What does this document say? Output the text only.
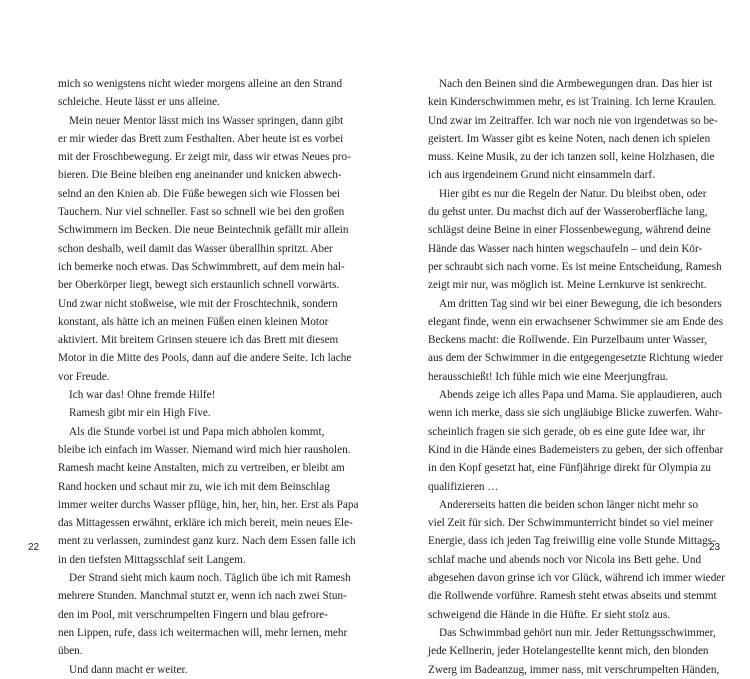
mich so wenigstens nicht wieder morgens alleine an den Strand

schleiche. Heute lässt er uns alleine.

Mein neuer Mentor lässt mich ins Wasser springen, dann gibt

er mir wieder das Brett zum Festhalten. Aber heute ist es vorbei

mit der Froschbewegung. Er zeigt mir, dass wir etwas Neues pro-

bieren. Die Beine bleiben eng aneinander und knicken abwech-

selnd an den Knien ab. Die Füße bewegen sich wie Flossen bei

Tauchern. Nur viel schneller. Fast so schnell wie bei den großen

Schwimmern im Becken. Die neue Beintechnik gefällt mir allein

schon deshalb, weil damit das Wasser überallhin spritzt. Aber

ich bemerke noch etwas. Das Schwimmbrett, auf dem mein hal-

ber Oberkörper liegt, bewegt sich erstaunlich schnell vorwärts.

Und zwar nicht stoßweise, wie mit der Froschtechnik, sondern

konstant, als hätte ich an meinen Füßen einen kleinen Motor

aktiviert. Mit breitem Grinsen steuere ich das Brett mit diesem

Motor in die Mitte des Pools, dann auf die andere Seite. Ich lache

vor Freude.

Ich war das! Ohne fremde Hilfe!

Ramesh gibt mir ein High Five.

Als die Stunde vorbei ist und Papa mich abholen kommt,

bleibe ich einfach im Wasser. Niemand wird mich hier rausholen.

Ramesh macht keine Anstalten, mich zu vertreiben, er bleibt am

Rand hocken und schaut mir zu, wie ich mit dem Beinschlag

immer weiter durchs Wasser pflüge, hin, her, hin, her. Erst als Papa

das Mittagessen erwähnt, erkläre ich mich bereit, mein neues Ele-

ment zu verlassen, zumindest ganz kurz. Nach dem Essen falle ich

in den tiefsten Mittagsschlaf seit Langem.

Der Strand sieht mich kaum noch. Täglich übe ich mit Ramesh

mehrere Stunden. Manchmal stutzt er, wenn ich nach zwei Stun-

den im Pool, mit verschrumpelten Fingern und blau gefrore-

nen Lippen, rufe, dass ich weitermachen will, mehr lernen, mehr

üben.

Und dann macht er weiter.

22

Nach den Beinen sind die Armbewegungen dran. Das hier ist

kein Kinderschwimmen mehr, es ist Training. Ich lerne Kraulen.

Und zwar im Zeitraffer. Ich war noch nie von irgendetwas so be-

geistert. Im Wasser gibt es keine Noten, nach denen ich spielen

muss. Keine Musik, zu der ich tanzen soll, keine Holzhasen, die

ich aus irgendeinem Grund nicht einsammeln darf.

Hier gibt es nur die Regeln der Natur. Du bleibst oben, oder

du gehst unter. Du machst dich auf der Wasseroberfläche lang,

schlägst deine Beine in einer Flossenbewegung, während deine

Hände das Wasser nach hinten wegschaufeln – und dein Kör-

per schraubt sich nach vorne. Es ist meine Entscheidung, Ramesh

zeigt mir nur, was möglich ist. Meine Lernkurve ist senkrecht.

Am dritten Tag sind wir bei einer Bewegung, die ich besonders

elegant finde, wenn ein erwachsener Schwimmer sie am Ende des

Beckens macht: die Rollwende. Ein Purzelbaum unter Wasser,

aus dem der Schwimmer in die entgegengesetzte Richtung wieder

herausschießt! Ich fühle mich wie eine Meerjungfrau.

Abends zeige ich alles Papa und Mama. Sie applaudieren, auch

wenn ich merke, dass sie sich ungläubige Blicke zuwerfen. Wahr-

scheinlich fragen sie sich gerade, ob es eine gute Idee war, ihr

Kind in die Hände eines Bademeisters zu geben, der sich offenbar

in den Kopf gesetzt hat, eine Fünfjährige direkt für Olympia zu

qualifizieren …

Andererseits hatten die beiden schon länger nicht mehr so

viel Zeit für sich. Der Schwimmunterricht bindet so viel meiner

Energie, dass ich jeden Tag freiwillig eine volle Stunde Mittags-

schlaf mache und abends noch vor Nicola ins Bett gehe. Und

abgesehen davon grinse ich vor Glück, während ich immer wieder

die Rollwende vorführe. Ramesh steht etwas abseits und stemmt

schweigend die Hände in die Hüfte. Er sieht stolz aus.

Das Schwimmbad gehört nun mir. Jeder Rettungsschwimmer,

jede Kellnerin, jeder Hotelangestellte kennt mich, den blonden

Zwerg im Badeanzug, immer nass, mit verschrumpelten Händen,

23
